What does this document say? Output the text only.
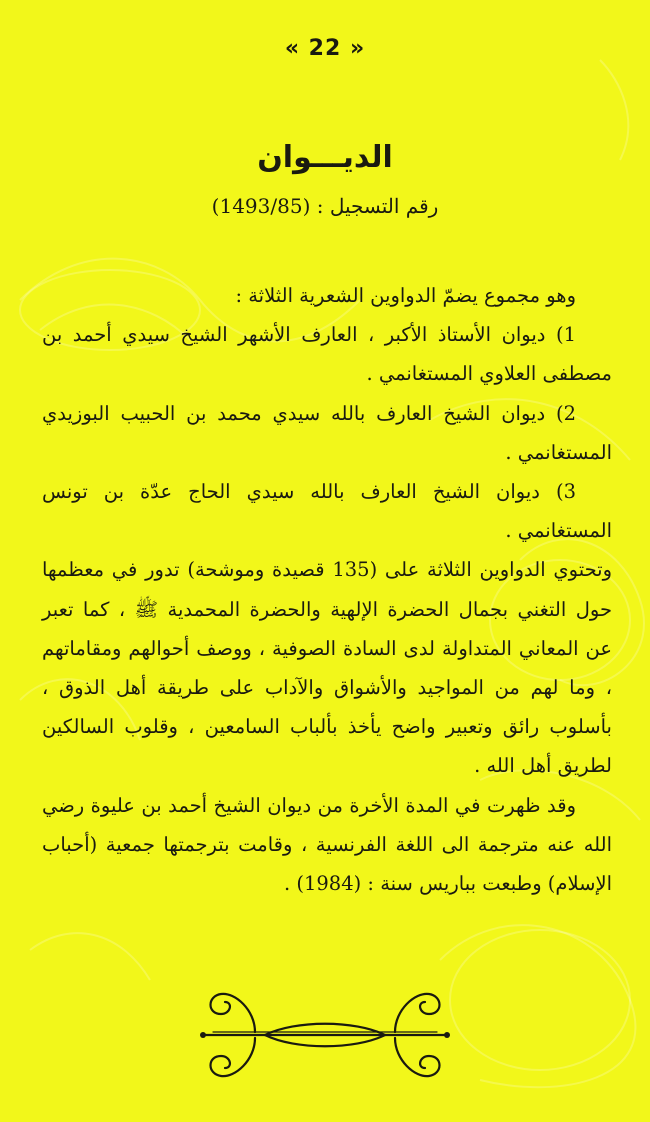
« 22 »
الديـــوان
رقم التسجيل : (1493/85)

وهو مجموع يضمّ الدواوين الشعرية الثلاثة :

1) ديوان الأستاذ الأكبر ، العارف الأشهر الشيخ سيدي أحمد بن مصطفى العلاوي المستغانمي .

2) ديوان الشيخ العارف بالله سيدي محمد بن الحبيب البوزيدي المستغانمي .

3) ديوان الشيخ العارف بالله سيدي الحاج عدّة بن تونس المستغانمي .

وتحتوي الدواوين الثلاثة على (135 قصيدة وموشحة) تدور في معظمها حول التغني بجمال الحضرة الإلهية والحضرة المحمدية ﷺ ، كما تعبر عن المعاني المتداولة لدى السادة الصوفية ، ووصف أحوالهم ومقاماتهم ، وما لهم من المواجيد والأشواق والآداب على طريقة أهل الذوق ، بأسلوب رائق وتعبير واضح يأخذ بألباب السامعين ، وقلوب السالكين لطريق أهل الله .

وقد ظهرت في المدة الأخرة من ديوان الشيخ أحمد بن عليوة رضي الله عنه مترجمة الى اللغة الفرنسية ، وقامت بترجمتها جمعية (أحباب الإسلام) وطبعت بباريس سنة : (1984) .
